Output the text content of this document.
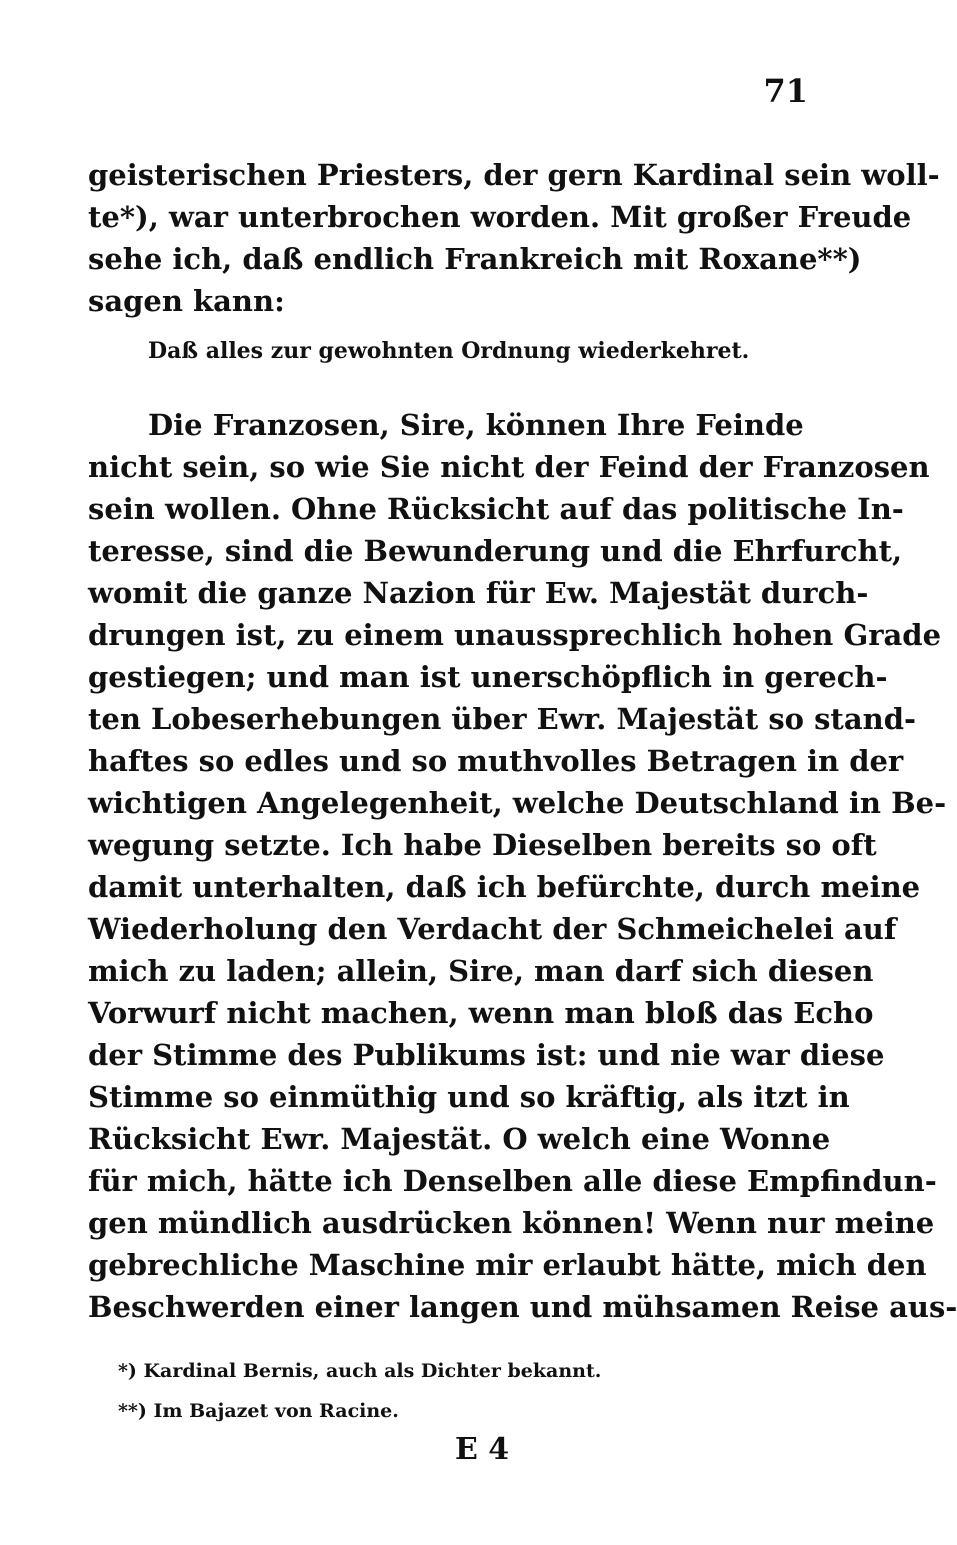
71
geisterischen Priesters, der gern Kardinal sein woll-
te*), war unterbrochen worden. Mit großer Freude
sehe ich, daß endlich Frankreich mit Roxane**)
sagen kann:
Daß alles zur gewohnten Ordnung wiederkehret.
Die Franzosen, Sire, können Ihre Feinde
nicht sein, so wie Sie nicht der Feind der Franzosen
sein wollen. Ohne Rücksicht auf das politische In-
teresse, sind die Bewunderung und die Ehrfurcht,
womit die ganze Nazion für Ew. Majestät durch-
drungen ist, zu einem unaussprechlich hohen Grade
gestiegen; und man ist unerschöpflich in gerech-
ten Lobeserhebungen über Ewr. Majestät so stand-
haftes so edles und so muthvolles Betragen in der
wichtigen Angelegenheit, welche Deutschland in Be-
wegung setzte. Ich habe Dieselben bereits so oft
damit unterhalten, daß ich befürchte, durch meine
Wiederholung den Verdacht der Schmeichelei auf
mich zu laden; allein, Sire, man darf sich diesen
Vorwurf nicht machen, wenn man bloß das Echo
der Stimme des Publikums ist: und nie war diese
Stimme so einmüthig und so kräftig, als itzt in
Rücksicht Ewr. Majestät. O welch eine Wonne
für mich, hätte ich Denselben alle diese Empfindun-
gen mündlich ausdrücken können! Wenn nur meine
gebrechliche Maschine mir erlaubt hätte, mich den
Beschwerden einer langen und mühsamen Reise aus-
*) Kardinal Bernis, auch als Dichter bekannt.
**) Im Bajazet von Racine.
E 4
